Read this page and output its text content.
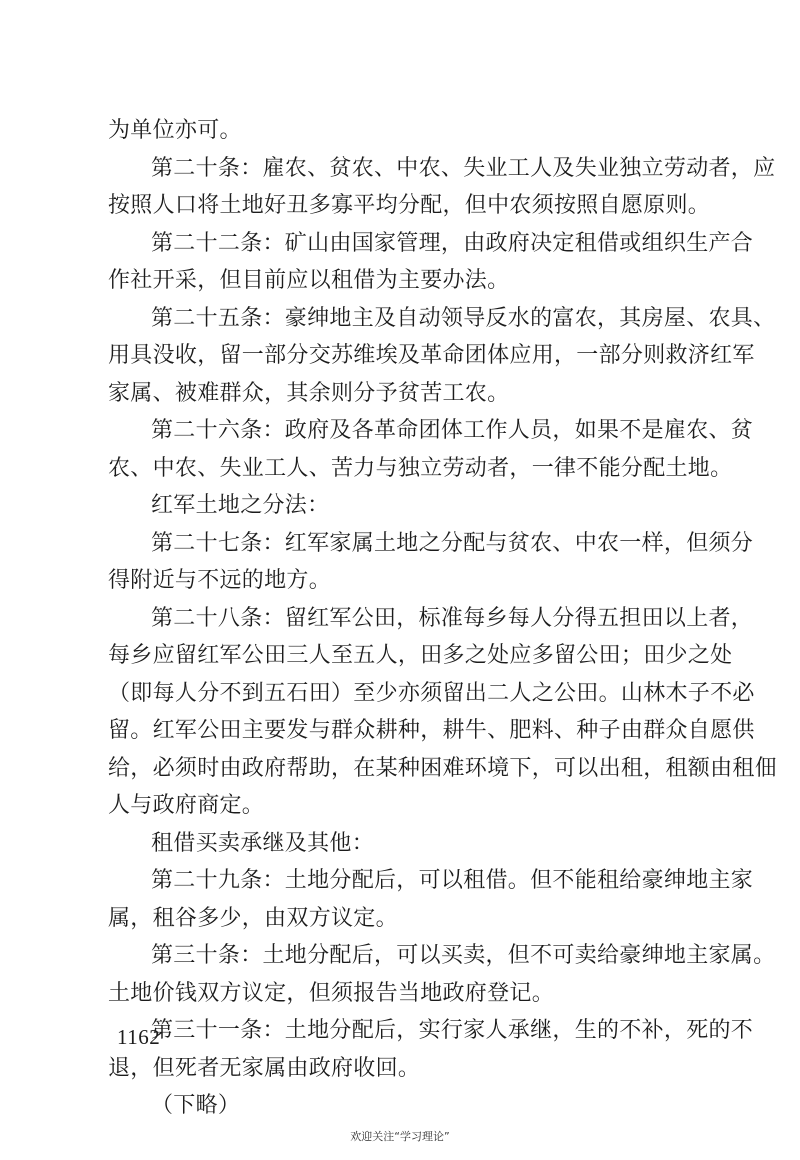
为单位亦可。
第二十条：雇农、贫农、中农、失业工人及失业独立劳动者，应
按照人口将土地好丑多寡平均分配，但中农须按照自愿原则。
第二十二条：矿山由国家管理，由政府决定租借或组织生产合
作社开采，但目前应以租借为主要办法。
第二十五条：豪绅地主及自动领导反水的富农，其房屋、农具、
用具没收，留一部分交苏维埃及革命团体应用，一部分则救济红军
家属、被难群众，其余则分予贫苦工农。
第二十六条：政府及各革命团体工作人员，如果不是雇农、贫
农、中农、失业工人、苦力与独立劳动者，一律不能分配土地。
红军土地之分法：
第二十七条：红军家属土地之分配与贫农、中农一样，但须分
得附近与不远的地方。
第二十八条：留红军公田，标准每乡每人分得五担田以上者，
每乡应留红军公田三人至五人，田多之处应多留公田；田少之处
（即每人分不到五石田）至少亦须留出二人之公田。山林木子不必
留。红军公田主要发与群众耕种，耕牛、肥料、种子由群众自愿供
给，必须时由政府帮助，在某种困难环境下，可以出租，租额由租佃
人与政府商定。
租借买卖承继及其他：
第二十九条：土地分配后，可以租借。但不能租给豪绅地主家
属，租谷多少，由双方议定。
第三十条：土地分配后，可以买卖，但不可卖给豪绅地主家属。
土地价钱双方议定，但须报告当地政府登记。
第三十一条：土地分配后，实行家人承继，生的不补，死的不
退，但死者无家属由政府收回。
（下略）
1162
欢迎关注“学习理论”
